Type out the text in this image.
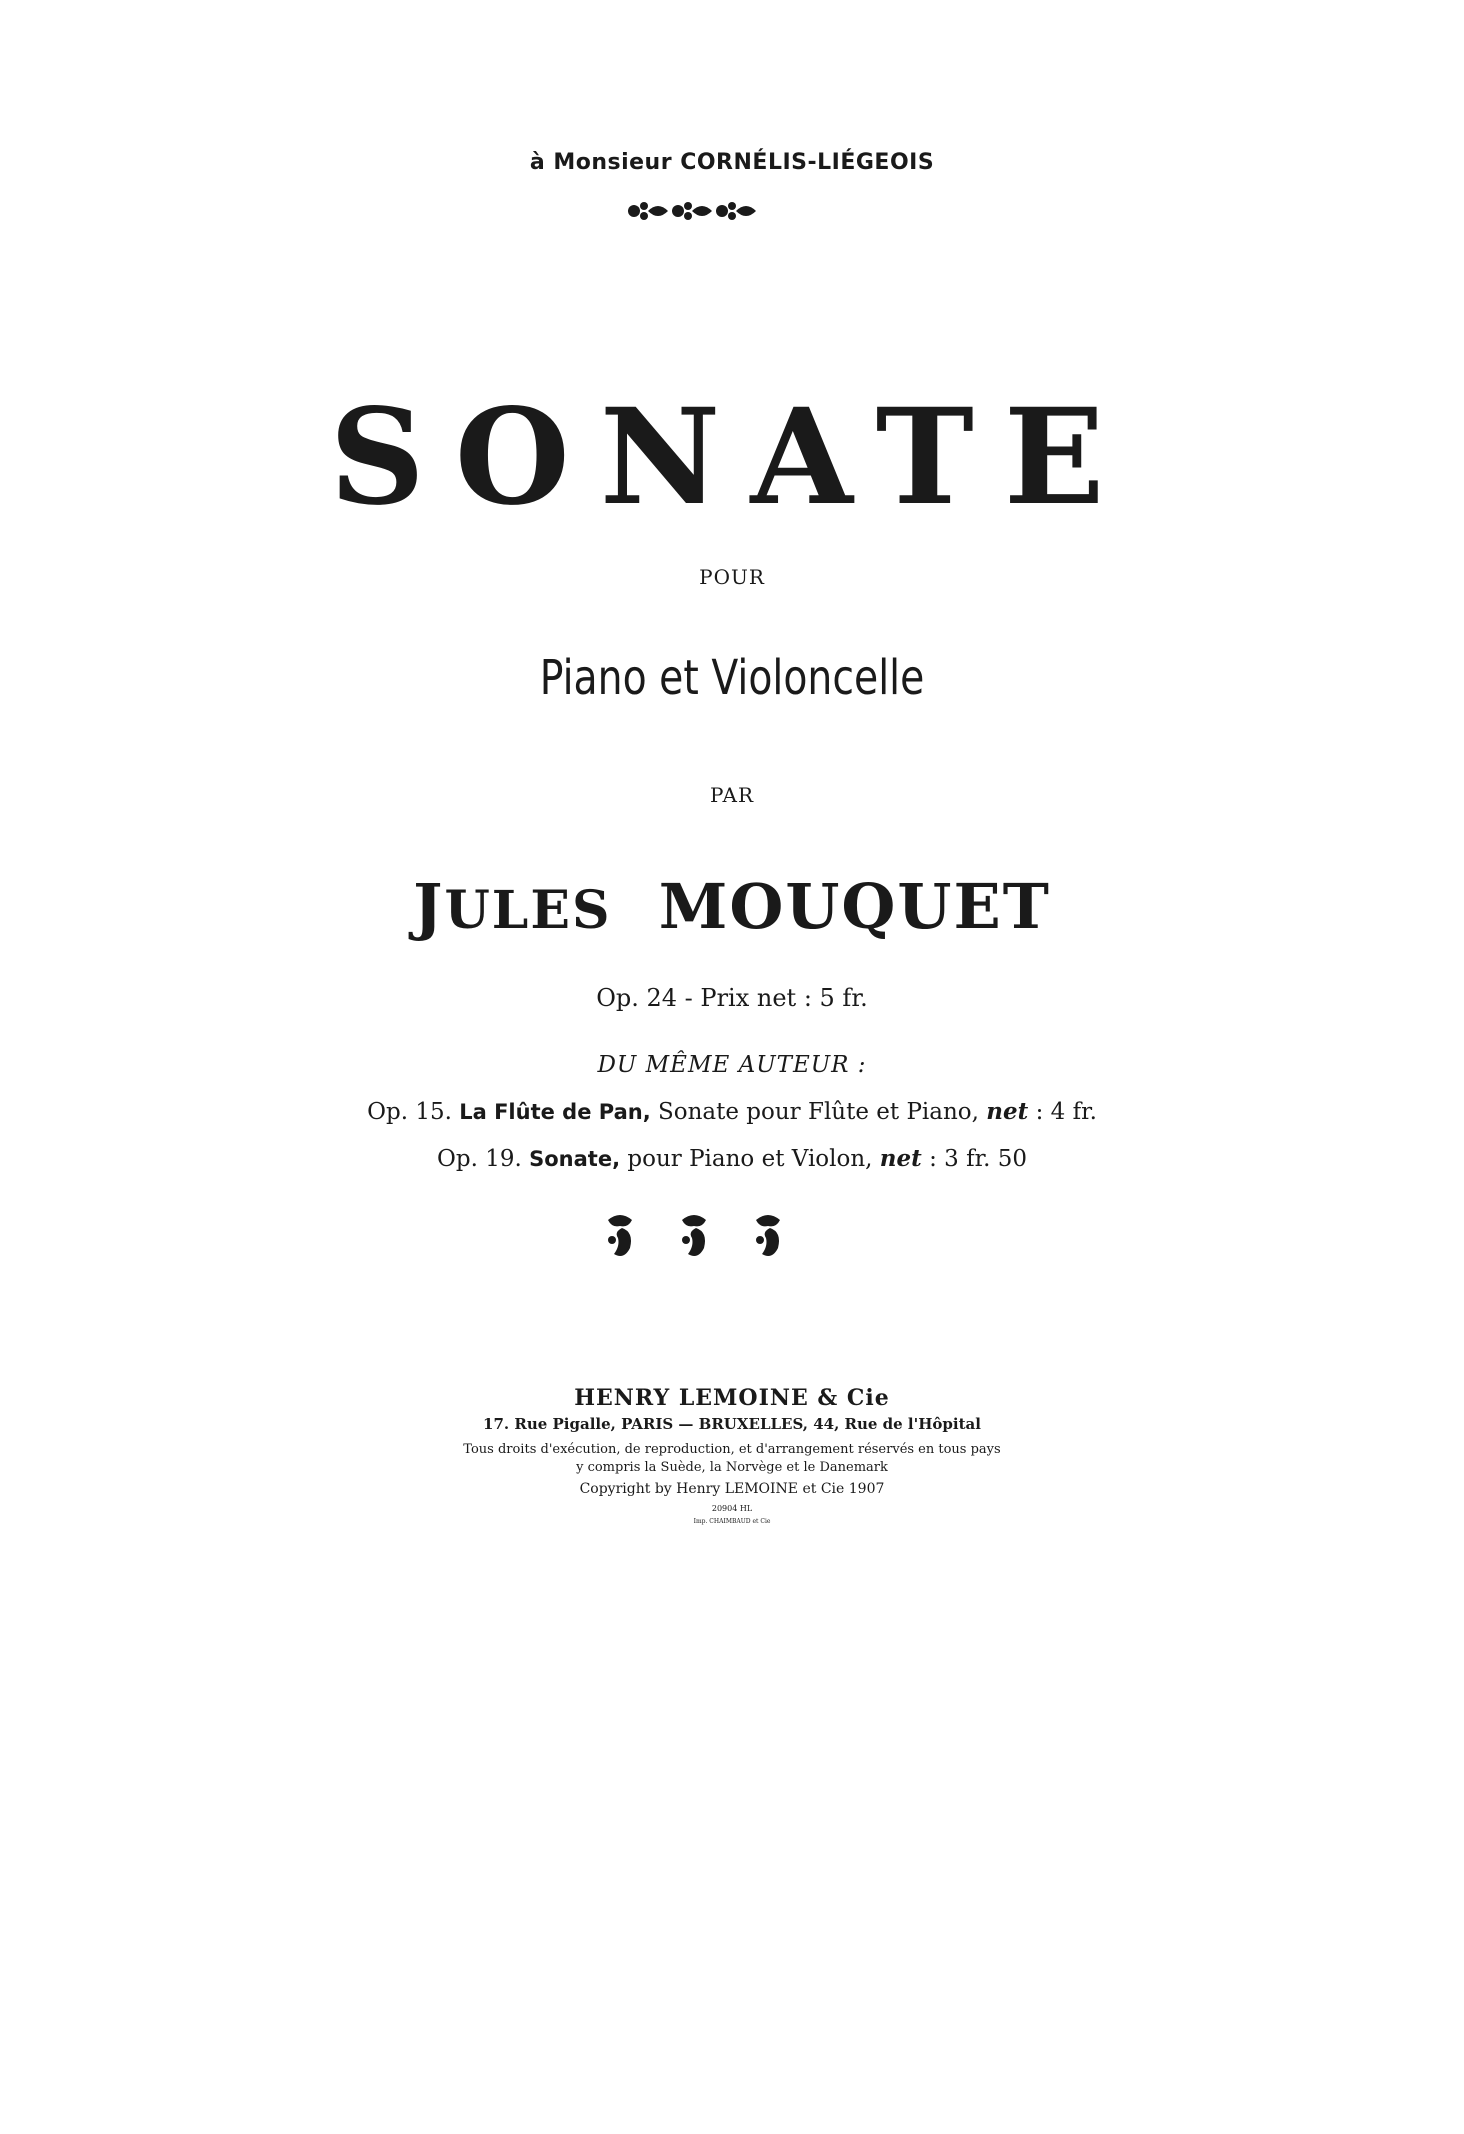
à Monsieur CORNÉLIS-LIÉGEOIS
SONATE
POUR
Piano et Violoncelle
PAR
JULES MOUQUET
Op. 24 - Prix net : 5 fr.
DU MÊME AUTEUR :
Op. 15. La Flûte de Pan, Sonate pour Flûte et Piano, net : 4 fr.
Op. 19. Sonate, pour Piano et Violon, net : 3 fr. 50
HENRY LEMOINE & Cie
17. Rue Pigalle, PARIS — BRUXELLES, 44, Rue de l'Hôpital
Tous droits d'exécution, de reproduction, et d'arrangement réservés en tous pays
y compris la Suède, la Norvège et le Danemark
Copyright by Henry LEMOINE et Cie 1907
20904 HL
Imp. CHAIMBAUD et Cie
